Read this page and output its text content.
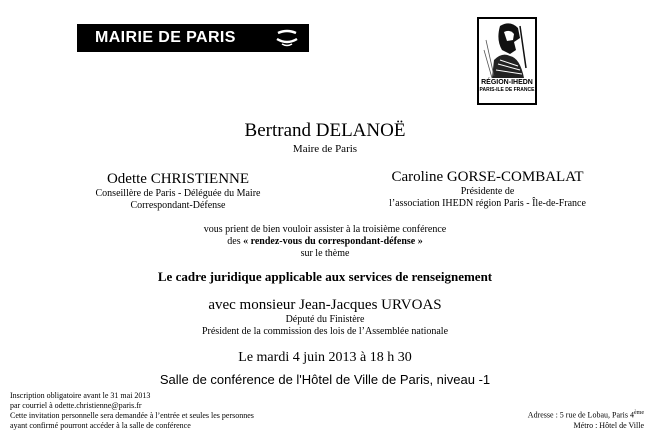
MAIRIE DE PARIS
RÉGION-IHEDN
PARIS-ILE DE FRANCE
Bertrand DELANOË
Maire de Paris
Odette CHRISTIENNE
Conseillère de Paris - Déléguée du Maire
Correspondant-Défense
Caroline GORSE-COMBALAT
Présidente de
l’association IHEDN région Paris - Île-de-France
vous prient de bien vouloir assister à la troisième conférence
des « rendez-vous du correspondant-défense »
sur le thème
Le cadre juridique applicable aux services de renseignement
avec monsieur Jean-Jacques URVOAS
Député du Finistère
Président de la commission des lois de l’Assemblée nationale
Le mardi 4 juin 2013 à 18 h 30
Salle de conférence de l'Hôtel de Ville de Paris, niveau -1
Inscription obligatoire avant le 31 mai 2013
par courriel à odette.christienne@paris.fr
Cette invitation personnelle sera demandée à l’entrée et seules les personnes
ayant confirmé pourront accéder à la salle de conférence
Adresse : 5 rue de Lobau, Paris 4ème
Métro : Hôtel de Ville
